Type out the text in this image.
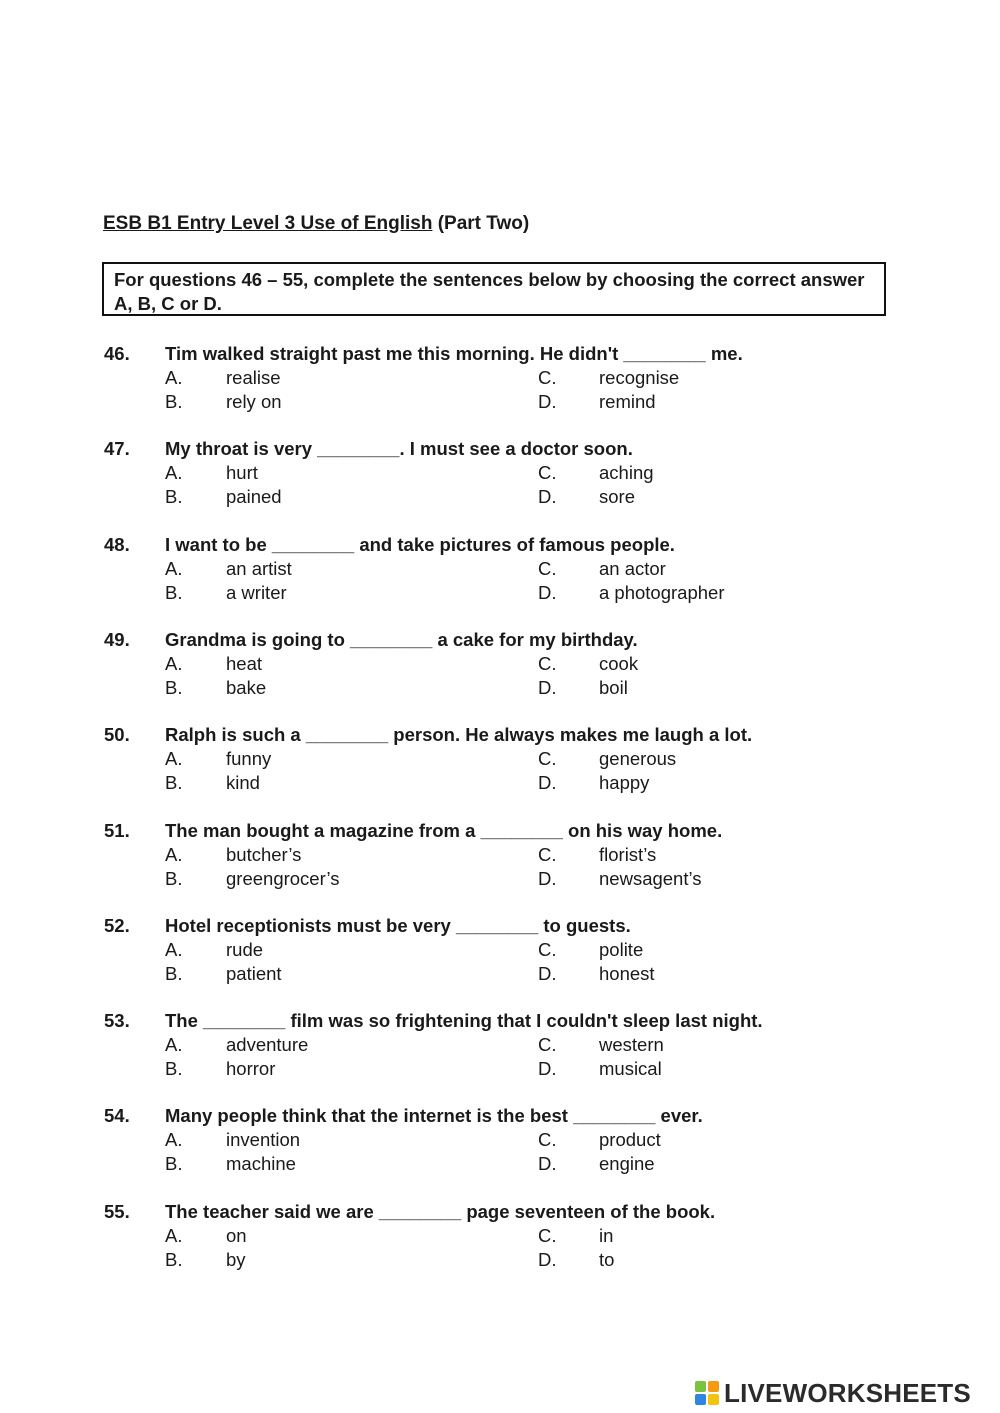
ESB B1 Entry Level 3 Use of English (Part Two)
For questions 46 – 55, complete the sentences below by choosing the correct answer A, B, C or D.
46. Tim walked straight past me this morning. He didn't ________ me.
A. realise
B. rely on
C. recognise
D. remind
47. My throat is very ________. I must see a doctor soon.
A. hurt
B. pained
C. aching
D. sore
48. I want to be ________ and take pictures of famous people.
A. an artist
B. a writer
C. an actor
D. a photographer
49. Grandma is going to ________ a cake for my birthday.
A. heat
B. bake
C. cook
D. boil
50. Ralph is such a ________ person. He always makes me laugh a lot.
A. funny
B. kind
C. generous
D. happy
51. The man bought a magazine from a ________ on his way home.
A. butcher’s
B. greengrocer’s
C. florist’s
D. newsagent’s
52. Hotel receptionists must be very ________ to guests.
A. rude
B. patient
C. polite
D. honest
53. The ________ film was so frightening that I couldn't sleep last night.
A. adventure
B. horror
C. western
D. musical
54. Many people think that the internet is the best ________ ever.
A. invention
B. machine
C. product
D. engine
55. The teacher said we are ________ page seventeen of the book.
A. on
B. by
C. in
D. to
LIVEWORKSHEETS
